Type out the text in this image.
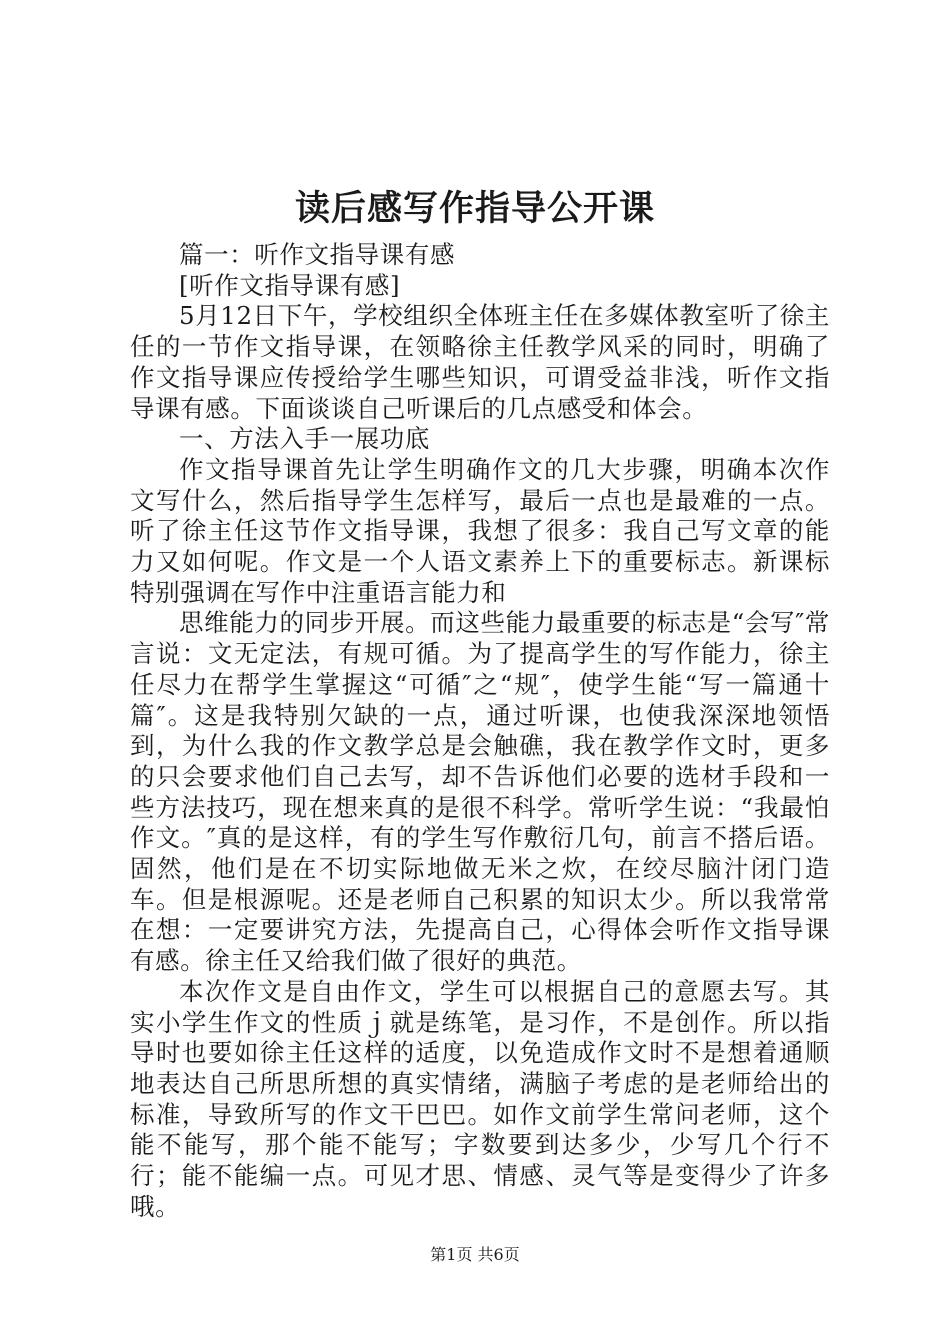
读后感写作指导公开课

篇一：听作文指导课有感

[听作文指导课有感]

5月12日下午，学校组织全体班主任在多媒体教室听了徐主任的一节作文指导课，在领略徐主任教学风采的同时，明确了作文指导课应传授给学生哪些知识，可谓受益非浅，听作文指导课有感。下面谈谈自己听课后的几点感受和体会。

一、方法入手一展功底

作文指导课首先让学生明确作文的几大步骤，明确本次作文写什么，然后指导学生怎样写，最后一点也是最难的一点。听了徐主任这节作文指导课，我想了很多：我自己写文章的能力又如何呢。作文是一个人语文素养上下的重要标志。新课标特别强调在写作中注重语言能力和

思维能力的同步开展。而这些能力最重要的标志是“会写″常言说：文无定法，有规可循。为了提高学生的写作能力，徐主任尽力在帮学生掌握这“可循″之“规″，使学生能“写一篇通十篇″。这是我特别欠缺的一点，通过听课，也使我深深地领悟到，为什么我的作文教学总是会触礁，我在教学作文时，更多的只会要求他们自己去写，却不告诉他们必要的选材手段和一些方法技巧，现在想来真的是很不科学。常听学生说：“我最怕作文。″真的是这样，有的学生写作敷衍几句，前言不搭后语。固然，他们是在不切实际地做无米之炊，在绞尽脑汁闭门造车。但是根源呢。还是老师自己积累的知识太少。所以我常常在想：一定要讲究方法，先提高自己，心得体会听作文指导课有感。徐主任又给我们做了很好的典范。

本次作文是自由作文，学生可以根据自己的意愿去写。其实小学生作文的性质ｊ就是练笔，是习作，不是创作。所以指导时也要如徐主任这样的适度，以免造成作文时不是想着通顺地表达自己所思所想的真实情绪，满脑子考虑的是老师给出的标准，导致所写的作文干巴巴。如作文前学生常问老师，这个能不能写，那个能不能写；字数要到达多少，少写几个行不行；能不能编一点。可见才思、情感、灵气等是变得少了许多哦。

第1页 共6页
